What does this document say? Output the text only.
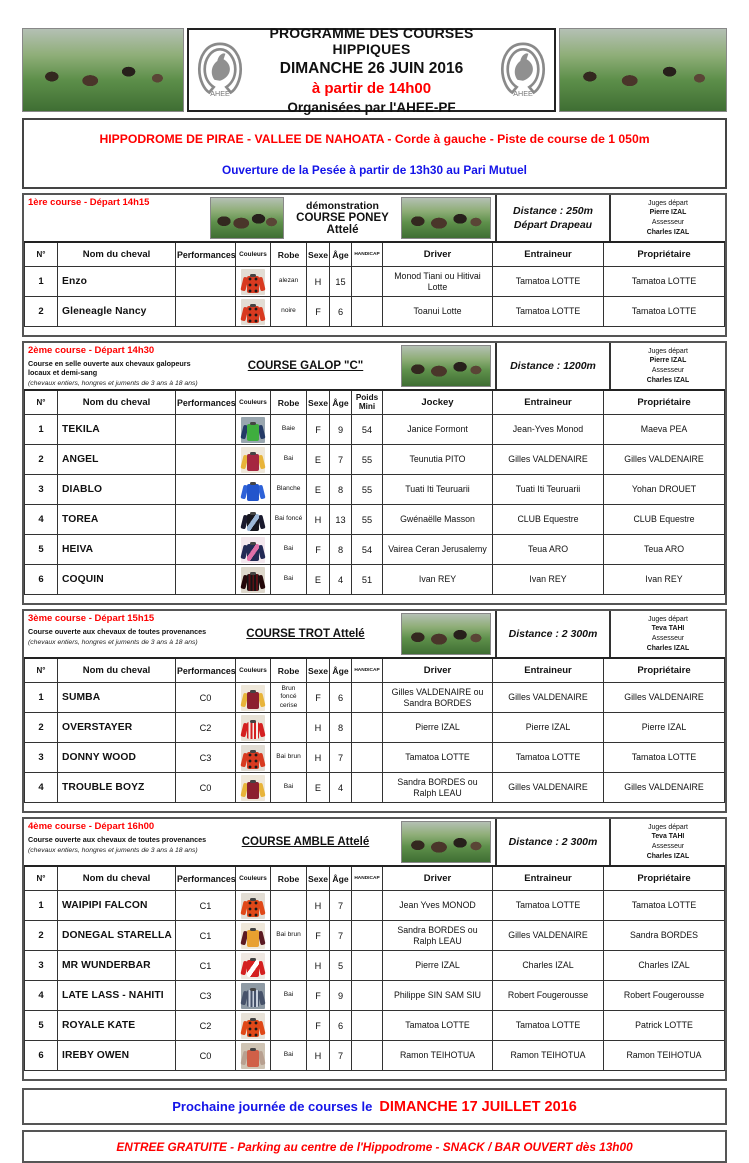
AHEE
PROGRAMME DES COURSES HIPPIQUES
DIMANCHE 26 JUIN 2016
à partir de 14h00
Organisées par l'AHEE-PF
AHEE
HIPPODROME DE PIRAE - VALLEE DE NAHOATA - Corde à gauche - Piste de course de 1 050m
Ouverture de la Pesée à partir de 13h30 au Pari Mutuel
1ère course - Départ 14h15	démonstration
COURSE PONEY Attelé
Distance : 250m
Départ Drapeau
Juges départ
Pierre IZAL
Assesseur
Charles IZAL
N°	Nom du cheval	Performances	Couleurs	Robe	Sexe	Âge	HANDICAP	Driver	Entraineur	Propriétaire
1	Enzo			alezan	H	15		Monod Tiani ou Hitivai Lotte	Tamatoa LOTTE	Tamatoa LOTTE
2	Gleneagle Nancy			noire	F	6		Toanui Lotte	Tamatoa LOTTE	Tamatoa LOTTE
2ème course - Départ 14h30
Course en selle ouverte aux chevaux galopeurs locaux et demi-sang
(chevaux entiers, hongres et juments de 3 ans à 18 ans)
COURSE GALOP "C"	Distance : 1200m
Juges départ
Pierre IZAL
Assesseur
Charles IZAL
N°	Nom du cheval	Performances	Couleurs	Robe	Sexe	Âge	Poids Mini	Jockey	Entraineur	Propriétaire
1	TEKILA			Baie	F	9	54	Janice Formont	Jean-Yves Monod	Maeva PEA
2	ANGEL			Bai	E	7	55	Teunutia PITO	Gilles VALDENAIRE	Gilles VALDENAIRE
3	DIABLO			Blanche	E	8	55	Tuati Iti Teuruarii	Tuati Iti Teuruarii	Yohan DROUET
4	TOREA			Bai foncé	H	13	55	Gwénaëlle Masson	CLUB Equestre	CLUB Equestre
5	HEIVA			Bai	F	8	54	Vairea Ceran Jerusalemy	Teua ARO	Teua ARO
6	COQUIN			Bai	E	4	51	Ivan REY	Ivan REY	Ivan REY
3ème course - Départ 15h15
Course ouverte aux chevaux de toutes provenances
(chevaux entiers, hongres et juments de 3 ans à 18 ans)
COURSE TROT Attelé	Distance : 2 300m
Juges départ
Teva TAHI
Assesseur
Charles IZAL
N°	Nom du cheval	Performances	Couleurs	Robe	Sexe	Âge	HANDICAP	Driver	Entraineur	Propriétaire
1	SUMBA	C0		Brun foncé cerise	F	6		Gilles VALDENAIRE ou Sandra BORDES	Gilles VALDENAIRE	Gilles VALDENAIRE
2	OVERSTAYER	C2			H	8		Pierre IZAL	Pierre IZAL	Pierre IZAL
3	DONNY WOOD	C3		Bai brun	H	7		Tamatoa LOTTE	Tamatoa LOTTE	Tamatoa LOTTE
4	TROUBLE BOYZ	C0		Bai	E	4		Sandra BORDES ou Ralph LEAU	Gilles VALDENAIRE	Gilles VALDENAIRE
4ème course - Départ 16h00
Course ouverte aux chevaux de toutes provenances
(chevaux entiers, hongres et juments de 3 ans à 18 ans)
COURSE AMBLE Attelé	Distance : 2 300m
Juges départ
Teva TAHI
Assesseur
Charles IZAL
N°	Nom du cheval	Performances	Couleurs	Robe	Sexe	Âge	HANDICAP	Driver	Entraineur	Propriétaire
1	WAIPIPI FALCON	C1			H	7		Jean Yves MONOD	Tamatoa LOTTE	Tamatoa LOTTE
2	DONEGAL STARELLA	C1		Bai brun	F	7		Sandra BORDES ou Ralph LEAU	Gilles VALDENAIRE	Sandra BORDES
3	MR WUNDERBAR	C1			H	5		Pierre IZAL	Charles IZAL	Charles IZAL
4	LATE LASS - NAHITI	C3		Bai	F	9		Philippe SIN SAM SIU	Robert Fougerousse	Robert Fougerousse
5	ROYALE KATE	C2			F	6		Tamatoa LOTTE	Tamatoa LOTTE	Patrick LOTTE
6	IREBY OWEN	C0		Bai	H	7		Ramon TEIHOTUA	Ramon TEIHOTUA	Ramon TEIHOTUA
Prochaine journée de courses le DIMANCHE 17 JUILLET 2016
ENTREE GRATUITE - Parking au centre de l'Hippodrome - SNACK / BAR OUVERT dès 13h00
